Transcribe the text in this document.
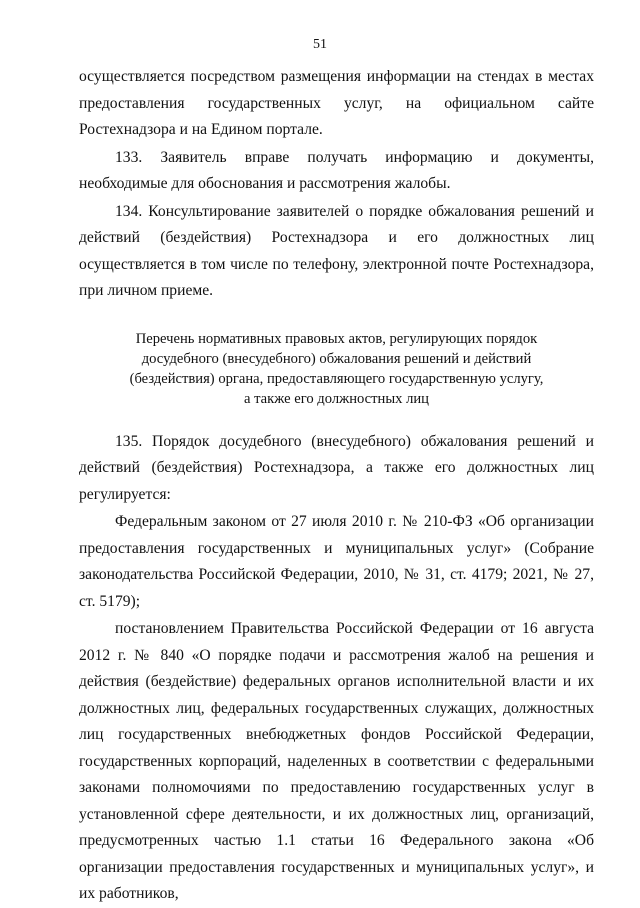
51

осуществляется посредством размещения информации на стендах в местах предоставления государственных услуг, на официальном сайте Ростехнадзора и на Едином портале.

133. Заявитель вправе получать информацию и документы, необходимые для обоснования и рассмотрения жалобы.

134. Консультирование заявителей о порядке обжалования решений и действий (бездействия) Ростехнадзора и его должностных лиц осуществляется в том числе по телефону, электронной почте Ростехнадзора, при личном приеме.

Перечень нормативных правовых актов, регулирующих порядок
досудебного (внесудебного) обжалования решений и действий
(бездействия) органа, предоставляющего государственную услугу,
а также его должностных лиц

135. Порядок досудебного (внесудебного) обжалования решений и действий (бездействия) Ростехнадзора, а также его должностных лиц регулируется:

Федеральным законом от 27 июля 2010 г. № 210-ФЗ «Об организации предоставления государственных и муниципальных услуг» (Собрание законодательства Российской Федерации, 2010, № 31, ст. 4179; 2021, № 27, ст. 5179);

постановлением Правительства Российской Федерации от 16 августа 2012 г. № 840 «О порядке подачи и рассмотрения жалоб на решения и действия (бездействие) федеральных органов исполнительной власти и их должностных лиц, федеральных государственных служащих, должностных лиц государственных внебюджетных фондов Российской Федерации, государственных корпораций, наделенных в соответствии с федеральными законами полномочиями по предоставлению государственных услуг в установленной сфере деятельности, и их должностных лиц, организаций, предусмотренных частью 1.1 статьи 16 Федерального закона «Об организации предоставления государственных и муниципальных услуг», и их работников,
